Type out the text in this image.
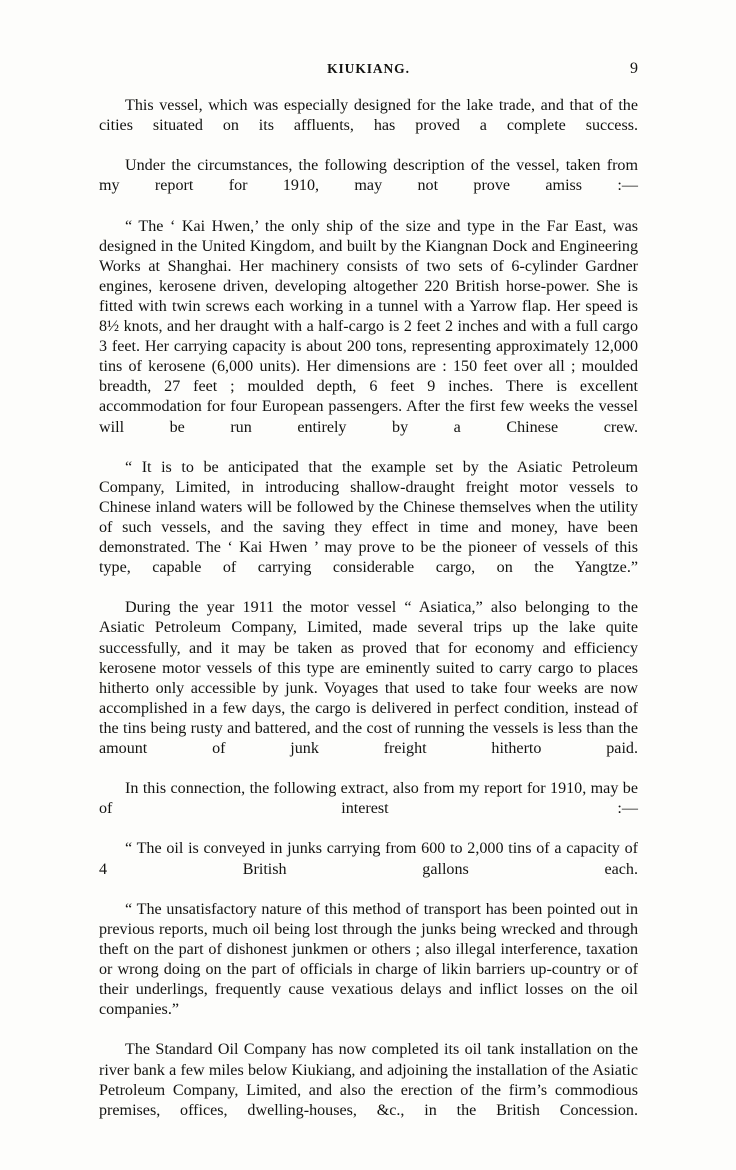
KIUKIANG.	9

This vessel, which was especially designed for the lake trade, and that of the cities situated on its affluents, has proved a complete success.

Under the circumstances, the following description of the vessel, taken from my report for 1910, may not prove amiss :—

“ The ‘ Kai Hwen,’ the only ship of the size and type in the Far East, was designed in the United Kingdom, and built by the Kiangnan Dock and Engineering Works at Shanghai. Her machinery consists of two sets of 6-cylinder Gardner engines, kerosene driven, developing altogether 220 British horse-power. She is fitted with twin screws each working in a tunnel with a Yarrow flap. Her speed is 8½ knots, and her draught with a half-cargo is 2 feet 2 inches and with a full cargo 3 feet. Her carrying capacity is about 200 tons, representing approximately 12,000 tins of kerosene (6,000 units). Her dimensions are : 150 feet over all ; moulded breadth, 27 feet ; moulded depth, 6 feet 9 inches. There is excellent accommodation for four European passengers. After the first few weeks the vessel will be run entirely by a Chinese crew.

“ It is to be anticipated that the example set by the Asiatic Petroleum Company, Limited, in introducing shallow-draught freight motor vessels to Chinese inland waters will be followed by the Chinese themselves when the utility of such vessels, and the saving they effect in time and money, have been demonstrated. The ‘ Kai Hwen ’ may prove to be the pioneer of vessels of this type, capable of carrying considerable cargo, on the Yangtze.”

During the year 1911 the motor vessel “ Asiatica,” also belonging to the Asiatic Petroleum Company, Limited, made several trips up the lake quite successfully, and it may be taken as proved that for economy and efficiency kerosene motor vessels of this type are eminently suited to carry cargo to places hitherto only accessible by junk. Voyages that used to take four weeks are now accomplished in a few days, the cargo is delivered in perfect condition, instead of the tins being rusty and battered, and the cost of running the vessels is less than the amount of junk freight hitherto paid.

In this connection, the following extract, also from my report for 1910, may be of interest :—

“ The oil is conveyed in junks carrying from 600 to 2,000 tins of a capacity of 4 British gallons each.

“ The unsatisfactory nature of this method of transport has been pointed out in previous reports, much oil being lost through the junks being wrecked and through theft on the part of dishonest junkmen or others ; also illegal interference, taxation or wrong doing on the part of officials in charge of likin barriers up-country or of their underlings, frequently cause vexatious delays and inflict losses on the oil companies.”

The Standard Oil Company has now completed its oil tank installation on the river bank a few miles below Kiukiang, and adjoining the installation of the Asiatic Petroleum Company, Limited, and also the erection of the firm’s commodious premises, offices, dwelling-houses, &c., in the British Concession.
